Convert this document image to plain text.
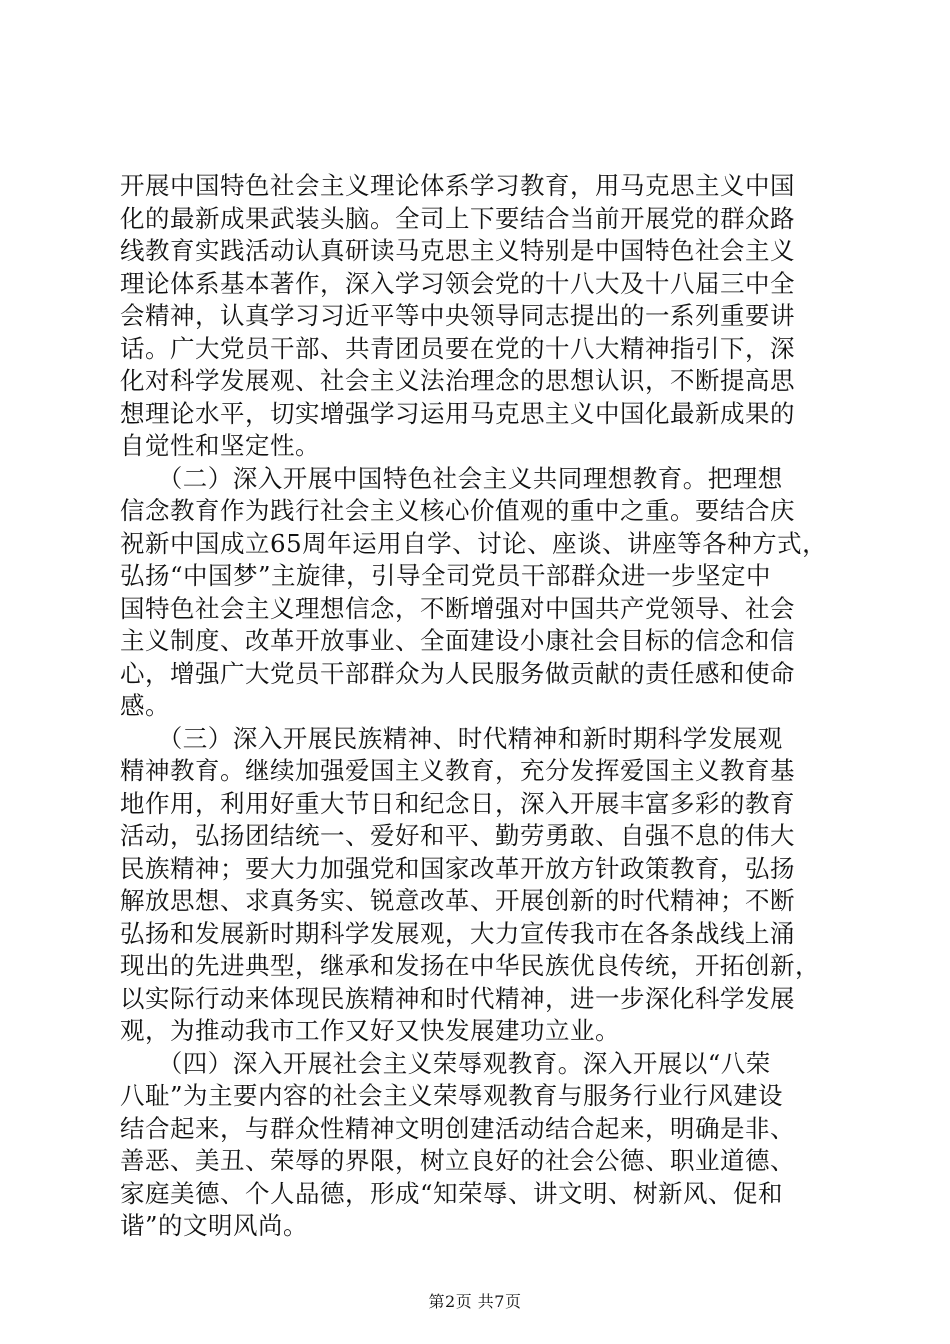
开展中国特色社会主义理论体系学习教育，用马克思主义中国
化的最新成果武装头脑。全司上下要结合当前开展党的群众路
线教育实践活动认真研读马克思主义特别是中国特色社会主义
理论体系基本著作，深入学习领会党的十八大及十八届三中全
会精神，认真学习习近平等中央领导同志提出的一系列重要讲
话。广大党员干部、共青团员要在党的十八大精神指引下，深
化对科学发展观、社会主义法治理念的思想认识，不断提高思
想理论水平，切实增强学习运用马克思主义中国化最新成果的
自觉性和坚定性。
　　（二）深入开展中国特色社会主义共同理想教育。把理想
信念教育作为践行社会主义核心价值观的重中之重。要结合庆
祝新中国成立65周年运用自学、讨论、座谈、讲座等各种方式，
弘扬“中国梦”主旋律，引导全司党员干部群众进一步坚定中
国特色社会主义理想信念，不断增强对中国共产党领导、社会
主义制度、改革开放事业、全面建设小康社会目标的信念和信
心，增强广大党员干部群众为人民服务做贡献的责任感和使命
感。
　　（三）深入开展民族精神、时代精神和新时期科学发展观
精神教育。继续加强爱国主义教育，充分发挥爱国主义教育基
地作用，利用好重大节日和纪念日，深入开展丰富多彩的教育
活动，弘扬团结统一、爱好和平、勤劳勇敢、自强不息的伟大
民族精神；要大力加强党和国家改革开放方针政策教育，弘扬
解放思想、求真务实、锐意改革、开展创新的时代精神；不断
弘扬和发展新时期科学发展观，大力宣传我市在各条战线上涌
现出的先进典型，继承和发扬在中华民族优良传统，开拓创新，
以实际行动来体现民族精神和时代精神，进一步深化科学发展
观，为推动我市工作又好又快发展建功立业。
　　（四）深入开展社会主义荣辱观教育。深入开展以“八荣
八耻”为主要内容的社会主义荣辱观教育与服务行业行风建设
结合起来，与群众性精神文明创建活动结合起来，明确是非、
善恶、美丑、荣辱的界限，树立良好的社会公德、职业道德、
家庭美德、个人品德，形成“知荣辱、讲文明、树新风、促和
谐”的文明风尚。
第2页 共7页
